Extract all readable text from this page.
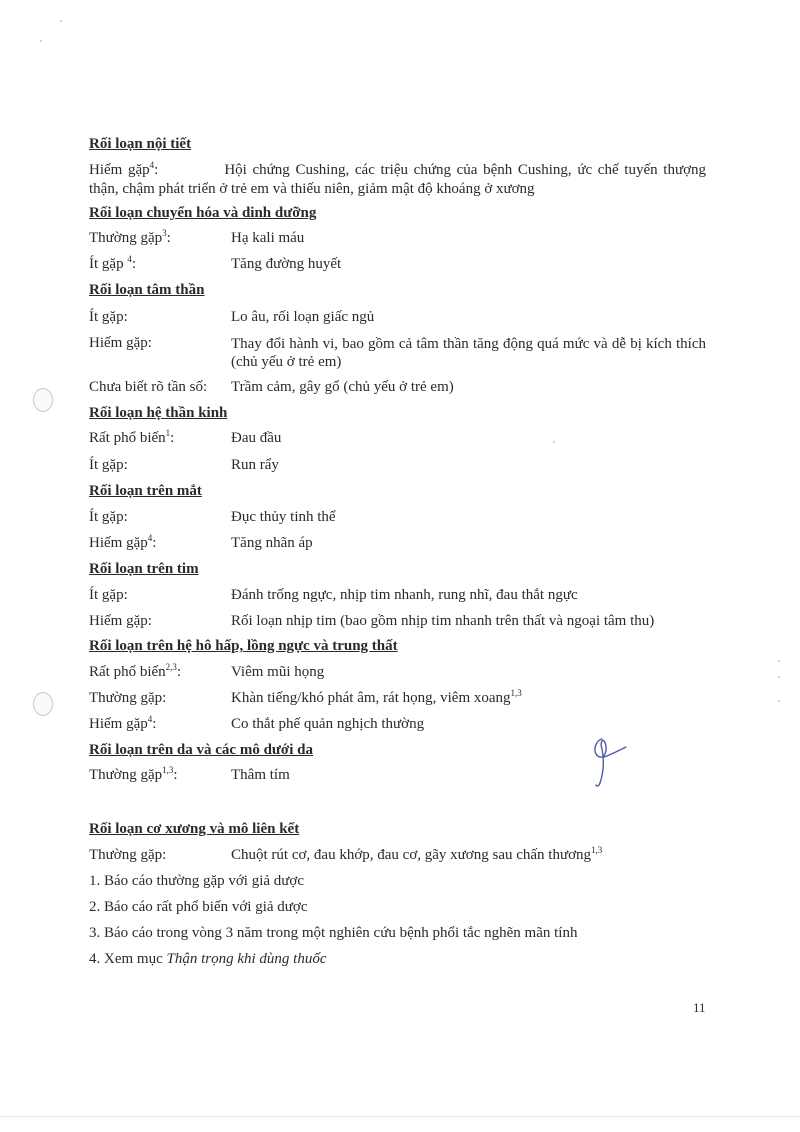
Rối loạn nội tiết
Hiếm gặp$^4$:	Hội chứng Cushing, các triệu chứng của bệnh Cushing, ức chế tuyến thượng thận, chậm phát triển ở trẻ em và thiếu niên, giảm mật độ khoáng ở xương
Rối loạn chuyển hóa và dinh dưỡng
Thường gặp$^3$:	Hạ kali máu
Ít gặp $^4$:	Tăng đường huyết
Rối loạn tâm thần
Ít gặp:	Lo âu, rối loạn giấc ngủ
Hiếm gặp:	Thay đổi hành vi, bao gồm cả tâm thần tăng động quá mức và dễ bị kích thích (chủ yếu ở trẻ em)
Chưa biết rõ tần số: Trầm cảm, gây gổ (chủ yếu ở trẻ em)
Rối loạn hệ thần kinh
Rất phổ biến$^1$:	Đau đầu
Ít gặp:	Run rẩy
Rối loạn trên mắt
Ít gặp:	Đục thủy tinh thể
Hiếm gặp$^4$:	Tăng nhãn áp
Rối loạn trên tim
Ít gặp:	Đánh trống ngực, nhịp tim nhanh, rung nhĩ, đau thắt ngực
Hiếm gặp:	Rối loạn nhịp tim (bao gồm nhịp tim nhanh trên thất và ngoại tâm thu)
Rối loạn trên hệ hô hấp, lồng ngực và trung thất
Rất phổ biến$^{2,3}$:	Viêm mũi họng
Thường gặp:	Khàn tiếng/khó phát âm, rát họng, viêm xoang$^{1,3}$
Hiếm gặp$^4$:	Co thắt phế quản nghịch thường
Rối loạn trên da và các mô dưới da
Thường gặp$^{1,3}$:	Thâm tím
Rối loạn cơ xương và mô liên kết
Thường gặp:	Chuột rút cơ, đau khớp, đau cơ, gãy xương sau chấn thương$^{1,3}$
1. Báo cáo thường gặp với giả dược
2. Báo cáo rất phổ biến với giả dược
3. Báo cáo trong vòng 3 năm trong một nghiên cứu bệnh phổi tắc nghẽn mãn tính
4. Xem mục Thận trọng khi dùng thuốc
11
